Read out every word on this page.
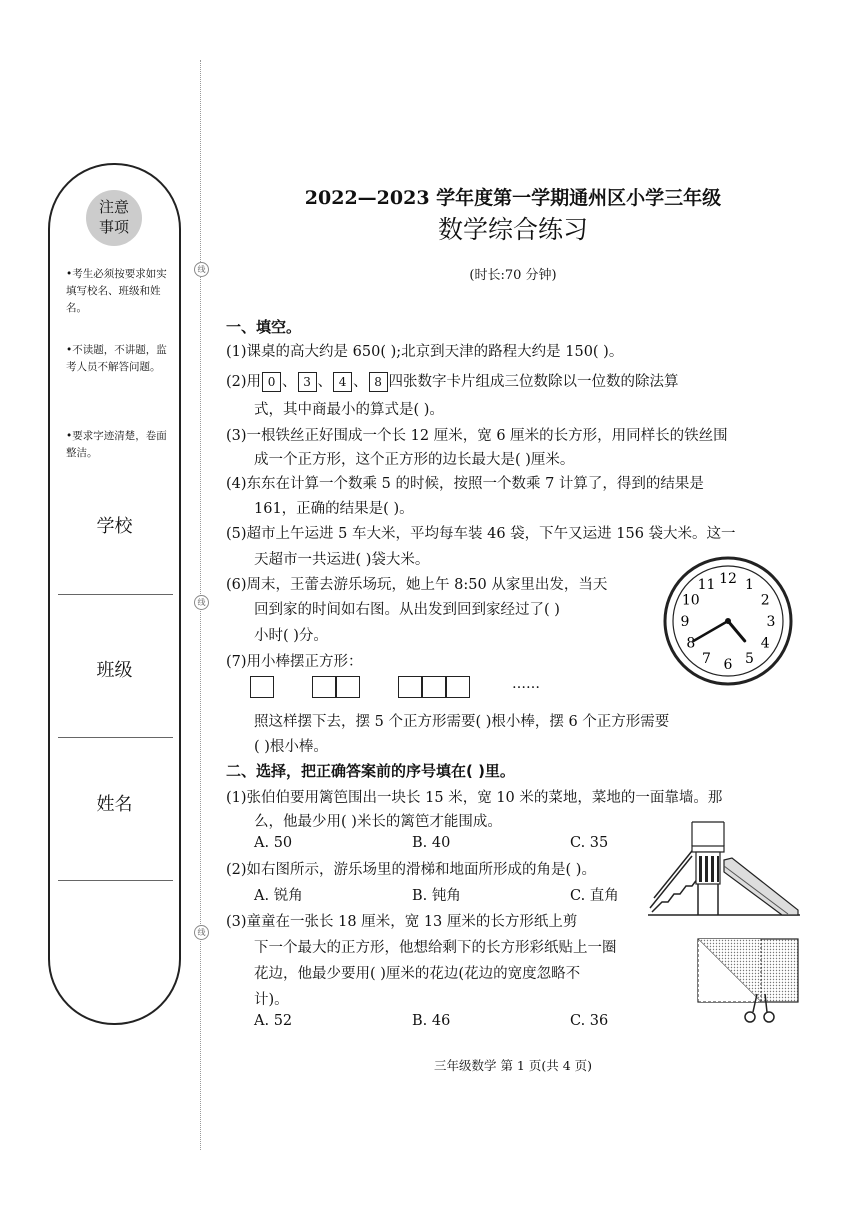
注意
事项
•考生必须按要求如实填写校名、班级和姓名。
•不读题，不讲题，监考人员不解答问题。
•要求字迹清楚，卷面整洁。
学校
班级
姓名
线
线
线
2022—2023 学年度第一学期通州区小学三年级
数学综合练习
(时长:70 分钟)
一、填空。
(1)课桌的高大约是 650( );北京到天津的路程大约是 150( )。
(2)用 0 、 3 、 4 、 8 四张数字卡片组成三位数除以一位数的除法算
式，其中商最小的算式是( )。
(3)一根铁丝正好围成一个长 12 厘米，宽 6 厘米的长方形，用同样长的铁丝围
成一个正方形，这个正方形的边长最大是( )厘米。
(4)东东在计算一个数乘 5 的时候，按照一个数乘 7 计算了，得到的结果是
161，正确的结果是( )。
(5)超市上午运进 5 车大米，平均每车装 46 袋，下午又运进 156 袋大米。这一
天超市一共运进( )袋大米。
(6)周末，王蕾去游乐场玩，她上午 8:50 从家里出发，当天
回到家的时间如右图。从出发到回到家经过了( )
小时( )分。
12 1
2
3
4
5
6
7
8
9
10
11
(7)用小棒摆正方形：
……
照这样摆下去，摆 5 个正方形需要( )根小棒，摆 6 个正方形需要
( )根小棒。
二、选择，把正确答案前的序号填在( )里。
(1)张伯伯要用篱笆围出一块长 15 米，宽 10 米的菜地，菜地的一面靠墙。那
么，他最少用( )米长的篱笆才能围成。
A. 50	B. 40	C. 35
(2)如右图所示，游乐场里的滑梯和地面所形成的角是( )。
A. 锐角	B. 钝角	C. 直角
(3)童童在一张长 18 厘米，宽 13 厘米的长方形纸上剪
下一个最大的正方形，他想给剩下的长方形彩纸贴上一圈
花边，他最少要用( )厘米的花边(花边的宽度忽略不
计)。
A. 52	B. 46	C. 36
三年级数学 第 1 页(共 4 页)
